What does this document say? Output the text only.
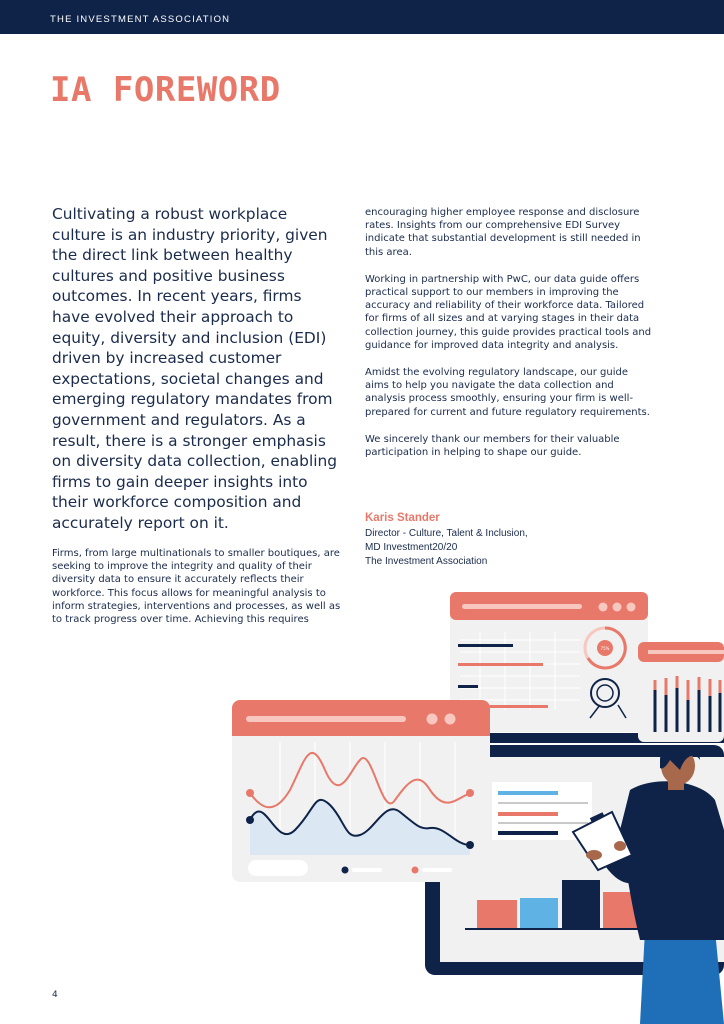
THE INVESTMENT ASSOCIATION
IA FOREWORD

Cultivating a robust workplace culture is an industry priority, given the direct link between healthy cultures and positive business outcomes. In recent years, firms have evolved their approach to equity, diversity and inclusion (EDI) driven by increased customer expectations, societal changes and emerging regulatory mandates from government and regulators. As a result, there is a stronger emphasis on diversity data collection, enabling firms to gain deeper insights into their workforce composition and accurately report on it.

Firms, from large multinationals to smaller boutiques, are seeking to improve the integrity and quality of their diversity data to ensure it accurately reflects their workforce. This focus allows for meaningful analysis to inform strategies, interventions and processes, as well as to track progress over time. Achieving this requires

encouraging higher employee response and disclosure rates. Insights from our comprehensive EDI Survey indicate that substantial development is still needed in this area.

Working in partnership with PwC, our data guide offers practical support to our members in improving the accuracy and reliability of their workforce data. Tailored for firms of all sizes and at varying stages in their data collection journey, this guide provides practical tools and guidance for improved data integrity and analysis.

Amidst the evolving regulatory landscape, our guide aims to help you navigate the data collection and analysis process smoothly, ensuring your firm is well-prepared for current and future regulatory requirements.

We sincerely thank our members for their valuable participation in helping to shape our guide.

Karis Stander
Director - Culture, Talent & Inclusion,
MD Investment20/20
The Investment Association
75%
4
